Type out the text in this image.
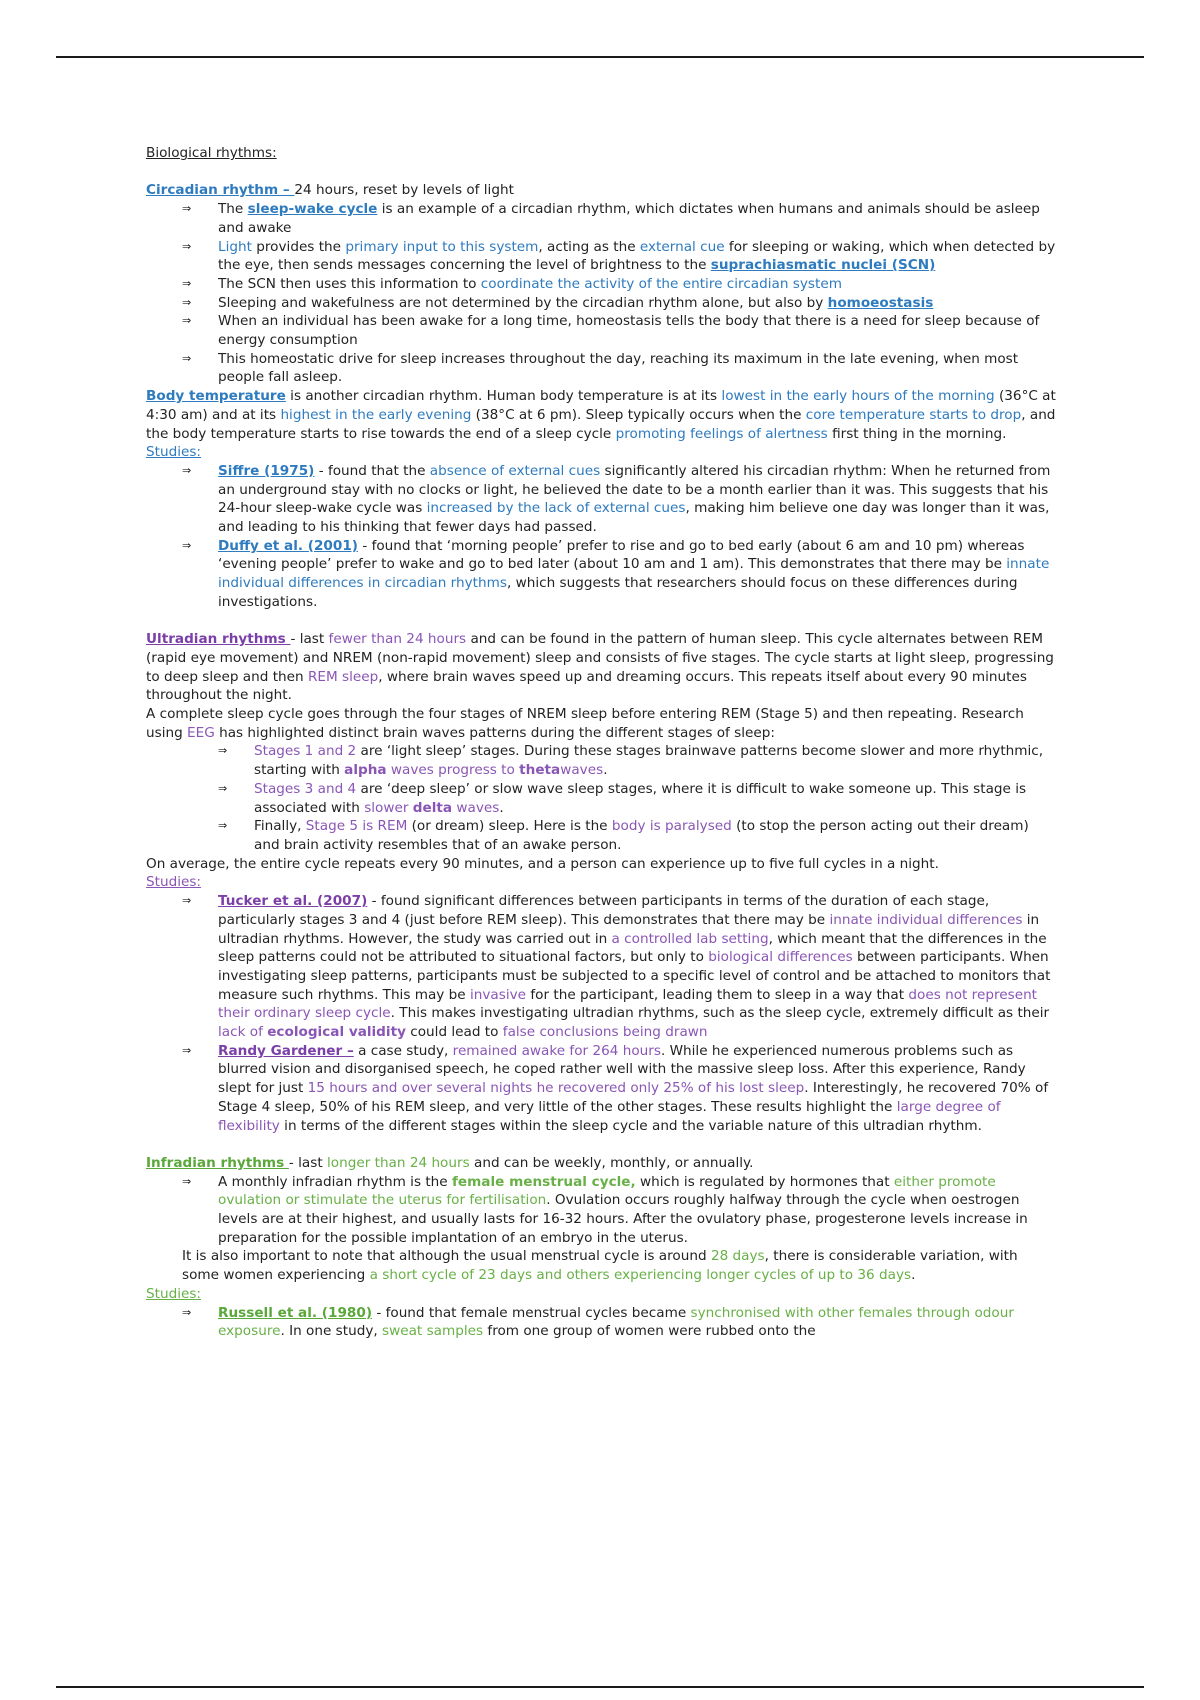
Biological rhythms:

Circadian rhythm – 24 hours, reset by levels of light

⇒ The sleep-wake cycle is an example of a circadian rhythm, which dictates when humans and animals should be asleep and awake
⇒ Light provides the primary input to this system, acting as the external cue for sleeping or waking, which when detected by the eye, then sends messages concerning the level of brightness to the suprachiasmatic nuclei (SCN)
⇒ The SCN then uses this information to coordinate the activity of the entire circadian system
⇒ Sleeping and wakefulness are not determined by the circadian rhythm alone, but also by homoeostasis
⇒ When an individual has been awake for a long time, homeostasis tells the body that there is a need for sleep because of energy consumption
⇒ This homeostatic drive for sleep increases throughout the day, reaching its maximum in the late evening, when most people fall asleep.

Body temperature is another circadian rhythm. Human body temperature is at its lowest in the early hours of the morning (36°C at 4:30 am) and at its highest in the early evening (38°C at 6 pm). Sleep typically occurs when the core temperature starts to drop, and the body temperature starts to rise towards the end of a sleep cycle promoting feelings of alertness first thing in the morning.

Studies:

⇒ Siffre (1975) - found that the absence of external cues significantly altered his circadian rhythm: When he returned from an underground stay with no clocks or light, he believed the date to be a month earlier than it was. This suggests that his 24-hour sleep-wake cycle was increased by the lack of external cues, making him believe one day was longer than it was, and leading to his thinking that fewer days had passed.
⇒ Duffy et al. (2001) - found that ‘morning people’ prefer to rise and go to bed early (about 6 am and 10 pm) whereas ‘evening people’ prefer to wake and go to bed later (about 10 am and 1 am). This demonstrates that there may be innate individual differences in circadian rhythms, which suggests that researchers should focus on these differences during investigations.

Ultradian rhythms - last fewer than 24 hours and can be found in the pattern of human sleep. This cycle alternates between REM (rapid eye movement) and NREM (non-rapid movement) sleep and consists of five stages. The cycle starts at light sleep, progressing to deep sleep and then REM sleep, where brain waves speed up and dreaming occurs. This repeats itself about every 90 minutes throughout the night.

A complete sleep cycle goes through the four stages of NREM sleep before entering REM (Stage 5) and then repeating. Research using EEG has highlighted distinct brain waves patterns during the different stages of sleep:

⇒ Stages 1 and 2 are ‘light sleep’ stages. During these stages brainwave patterns become slower and more rhythmic, starting with alpha waves progress to thetawaves.
⇒ Stages 3 and 4 are ‘deep sleep’ or slow wave sleep stages, where it is difficult to wake someone up. This stage is associated with slower delta waves.
⇒ Finally, Stage 5 is REM (or dream) sleep. Here is the body is paralysed (to stop the person acting out their dream) and brain activity resembles that of an awake person.

On average, the entire cycle repeats every 90 minutes, and a person can experience up to five full cycles in a night.

Studies:

⇒ Tucker et al. (2007) - found significant differences between participants in terms of the duration of each stage, particularly stages 3 and 4 (just before REM sleep). This demonstrates that there may be innate individual differences in ultradian rhythms. However, the study was carried out in a controlled lab setting, which meant that the differences in the sleep patterns could not be attributed to situational factors, but only to biological differences between participants. When investigating sleep patterns, participants must be subjected to a specific level of control and be attached to monitors that measure such rhythms. This may be invasive for the participant, leading them to sleep in a way that does not represent their ordinary sleep cycle. This makes investigating ultradian rhythms, such as the sleep cycle, extremely difficult as their lack of ecological validity could lead to false conclusions being drawn
⇒ Randy Gardener – a case study, remained awake for 264 hours. While he experienced numerous problems such as blurred vision and disorganised speech, he coped rather well with the massive sleep loss. After this experience, Randy slept for just 15 hours and over several nights he recovered only 25% of his lost sleep. Interestingly, he recovered 70% of Stage 4 sleep, 50% of his REM sleep, and very little of the other stages. These results highlight the large degree of flexibility in terms of the different stages within the sleep cycle and the variable nature of this ultradian rhythm.

Infradian rhythms - last longer than 24 hours and can be weekly, monthly, or annually.

⇒ A monthly infradian rhythm is the female menstrual cycle, which is regulated by hormones that either promote ovulation or stimulate the uterus for fertilisation. Ovulation occurs roughly halfway through the cycle when oestrogen levels are at their highest, and usually lasts for 16-32 hours. After the ovulatory phase, progesterone levels increase in preparation for the possible implantation of an embryo in the uterus.

It is also important to note that although the usual menstrual cycle is around 28 days, there is considerable variation, with some women experiencing a short cycle of 23 days and others experiencing longer cycles of up to 36 days.

Studies:

⇒ Russell et al. (1980) - found that female menstrual cycles became synchronised with other females through odour exposure. In one study, sweat samples from one group of women were rubbed onto the
